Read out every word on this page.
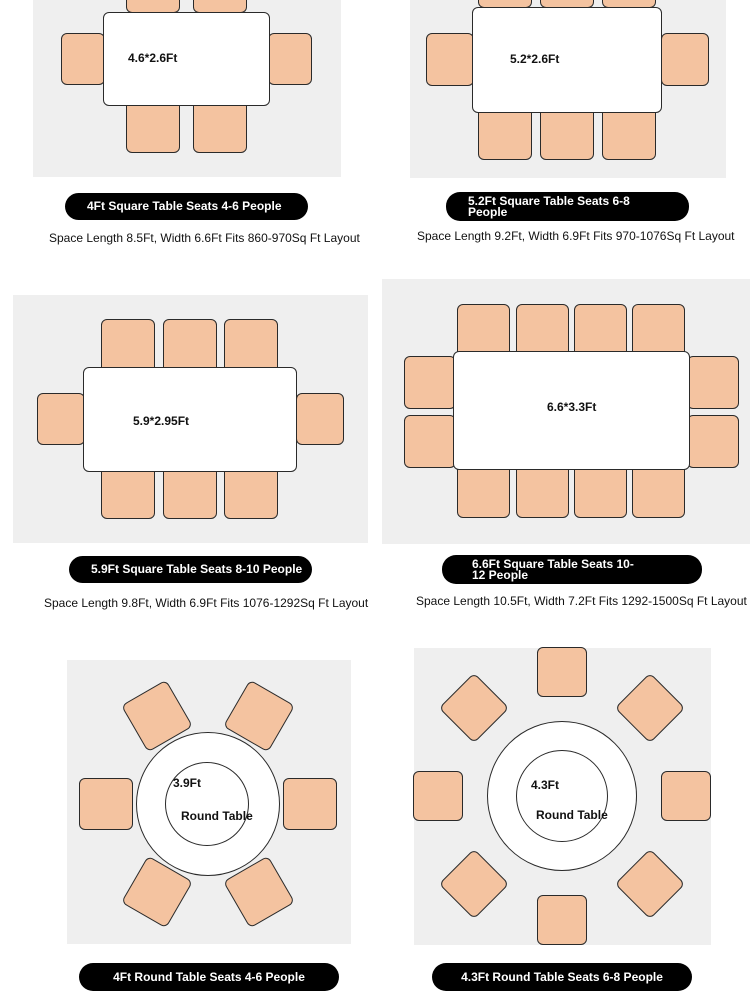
4.6*2.6Ft
4Ft Square Table Seats 4-6 People
Space Length 8.5Ft, Width 6.6Ft Fits 860-970Sq Ft Layout
5.2*2.6Ft
5.2Ft Square Table Seats 6-8 People
Space Length 9.2Ft, Width 6.9Ft Fits 970-1076Sq Ft Layout
5.9*2.95Ft
5.9Ft Square Table Seats 8-10 People
Space Length 9.8Ft, Width 6.9Ft Fits 1076-1292Sq Ft Layout
6.6*3.3Ft
6.6Ft Square Table Seats 10-12 People
Space Length 10.5Ft, Width 7.2Ft Fits 1292-1500Sq Ft Layout
3.9Ft
Round Table
4Ft Round Table Seats 4-6 People
4.3Ft
Round Table
4.3Ft Round Table Seats 6-8 People
